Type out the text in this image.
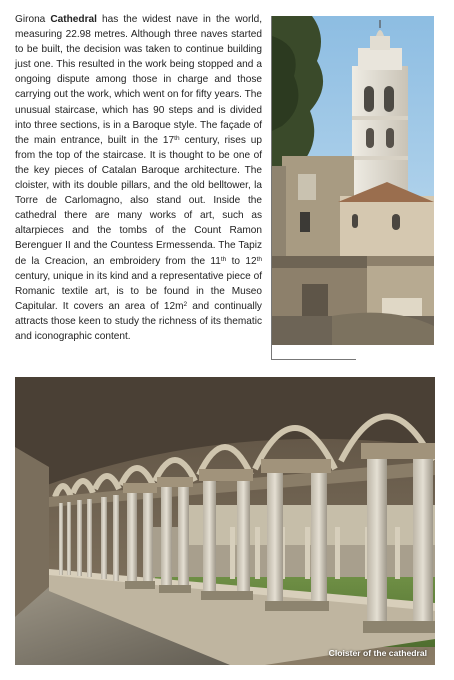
Girona Cathedral has the widest nave in the world, measuring 22.98 metres. Although three naves started to be built, the decision was taken to continue building just one. This resulted in the work being stopped and a ongoing dispute among those in charge and those carrying out the work, which went on for fifty years. The unusual staircase, which has 90 steps and is divided into three sections, is in a Baroque style. The façade of the main entrance, built in the 17th century, rises up from the top of the staircase. It is thought to be one of the key pieces of Catalan Baroque architecture. The cloister, with its double pillars, and the old belltower, la Torre de Carlomagno, also stand out. Inside the cathedral there are many works of art, such as altarpieces and the tombs of the Count Ramon Berenguer II and the Countess Ermessenda. The Tapiz de la Creacion, an embroidery from the 11th to 12th century, unique in its kind and a representative piece of Romanic textile art, is to be found in the Museo Capitular. It covers an area of $12m^2$ and continually attracts those keen to study the richness of its thematic and iconographic content.

Cloister of the cathedral
